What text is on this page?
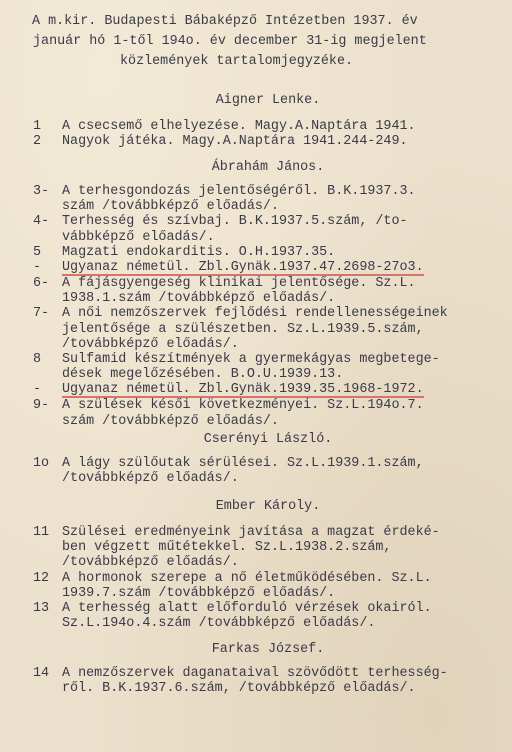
A m.kir. Budapesti Bábaképző Intézetben 1937. év
január hó 1-től 194o. év december 31-ig megjelent
közlemények tartalomjegyzéke.
Aigner Lenke.
1	A csecsemő elhelyezése. Magy.A.Naptára 1941.
2	Nagyok játéka. Magy.A.Naptára 1941.244-249.
Ábrahám János.
3- A terhesgondozás jelentőségéről. B.K.1937.3.
szám /továbbképző előadás/.
4- Terhesség és szívbaj. B.K.1937.5.szám, /to-
vábbképző előadás/.
5	Magzati endokarditis. O.H.1937.35.
-	Ugyanaz németül. Zbl.Gynäk.1937.47.2698-27o3.
6- A fájásgyengeség klinikai jelentősége. Sz.L.
1938.1.szám /továbbképző előadás/.
7- A női nemzőszervek fejlődési rendellenességeinek
jelentősége a szülészetben. Sz.L.1939.5.szám,
/továbbképző előadás/.
8	Sulfamid készítmények a gyermekágyas megbetege-
dések megelőzésében. B.O.U.1939.13.
-	Ugyanaz németül. Zbl.Gynäk.1939.35.1968-1972.
9- A szülések késői következményei. Sz.L.194o.7.
szám /továbbképző előadás/.
Cserényi László.
1o A lágy szülőutak sérülései. Sz.L.1939.1.szám,
/továbbképző előadás/.
Ember Károly.
11 Szülései eredményeink javítása a magzat érdeké-
ben végzett műtétekkel. Sz.L.1938.2.szám,
/továbbképző előadás/.
12 A hormonok szerepe a nő életműködésében. Sz.L.
1939.7.szám /továbbképző előadás/.
13 A terhesség alatt előforduló vérzések okairól.
Sz.L.194o.4.szám /továbbképző előadás/.
Farkas József.
14 A nemzőszervek daganataival szövődött terhesség-
ről. B.K.1937.6.szám, /továbbképző előadás/.
